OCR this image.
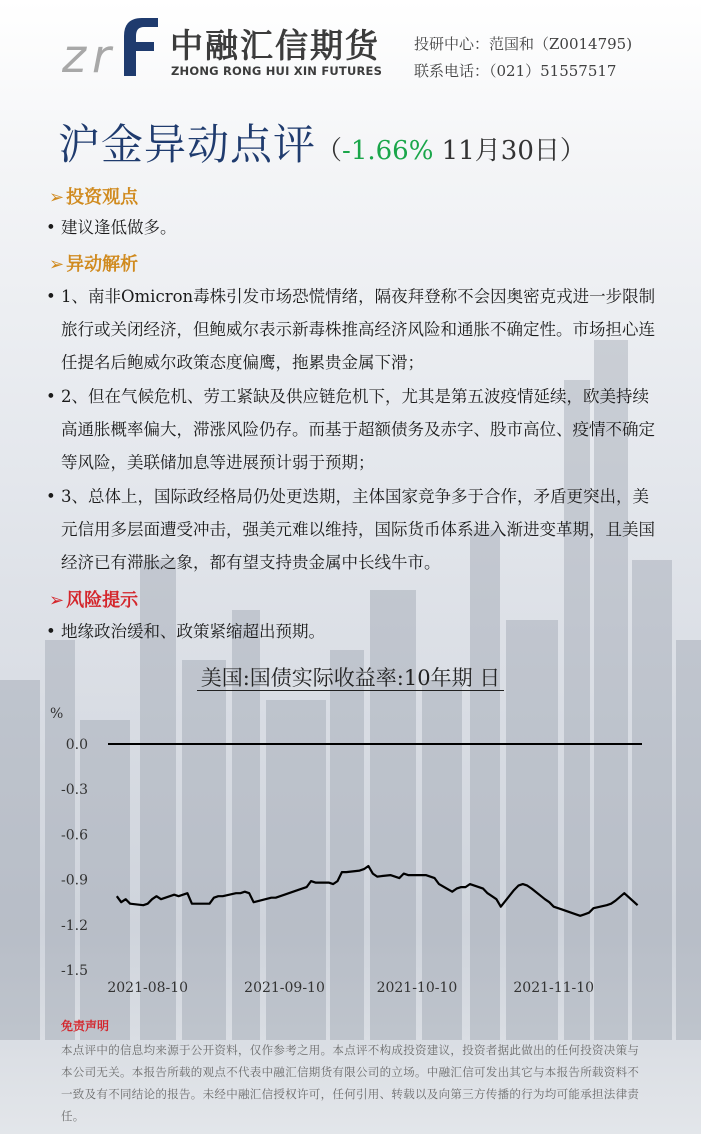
z r 中融汇信期货
ZHONG RONG HUI XIN FUTURES
投研中心：范国和（Z0014795)
联系电话：（021）51557517
沪金异动点评（-1.66% 11月30日）
➢ 投资观点
• 建议逢低做多。
➢ 异动解析
• 1、南非Omicron毒株引发市场恐慌情绪，隔夜拜登称不会因奥密克戎进一步限制旅行或关闭经济，但鲍威尔表示新毒株推高经济风险和通胀不确定性。市场担心连任提名后鲍威尔政策态度偏鹰，拖累贵金属下滑；
• 2、但在气候危机、劳工紧缺及供应链危机下，尤其是第五波疫情延续，欧美持续高通胀概率偏大，滞涨风险仍存。而基于超额债务及赤字、股市高位、疫情不确定等风险，美联储加息等进展预计弱于预期；
• 3、总体上，国际政经格局仍处更迭期，主体国家竞争多于合作，矛盾更突出，美元信用多层面遭受冲击，强美元难以维持，国际货币体系进入渐进变革期，且美国经济已有滞胀之象，都有望支持贵金属中长线牛市。
➢ 风险提示
• 地缘政治缓和、政策紧缩超出预期。
美国:国债实际收益率:10年期 日
%
0.0
-0.3
-0.6
-0.9
-1.2
-1.5
2021-08-10	2021-09-10	2021-10-10	2021-11-10
免责声明
本点评中的信息均来源于公开资料，仅作参考之用。本点评不构成投资建议，投资者据此做出的任何投资决策与本公司无关。本报告所载的观点不代表中融汇信期货有限公司的立场。中融汇信可发出其它与本报告所载资料不一致及有不同结论的报告。未经中融汇信授权许可，任何引用、转载以及向第三方传播的行为均可能承担法律责任。
